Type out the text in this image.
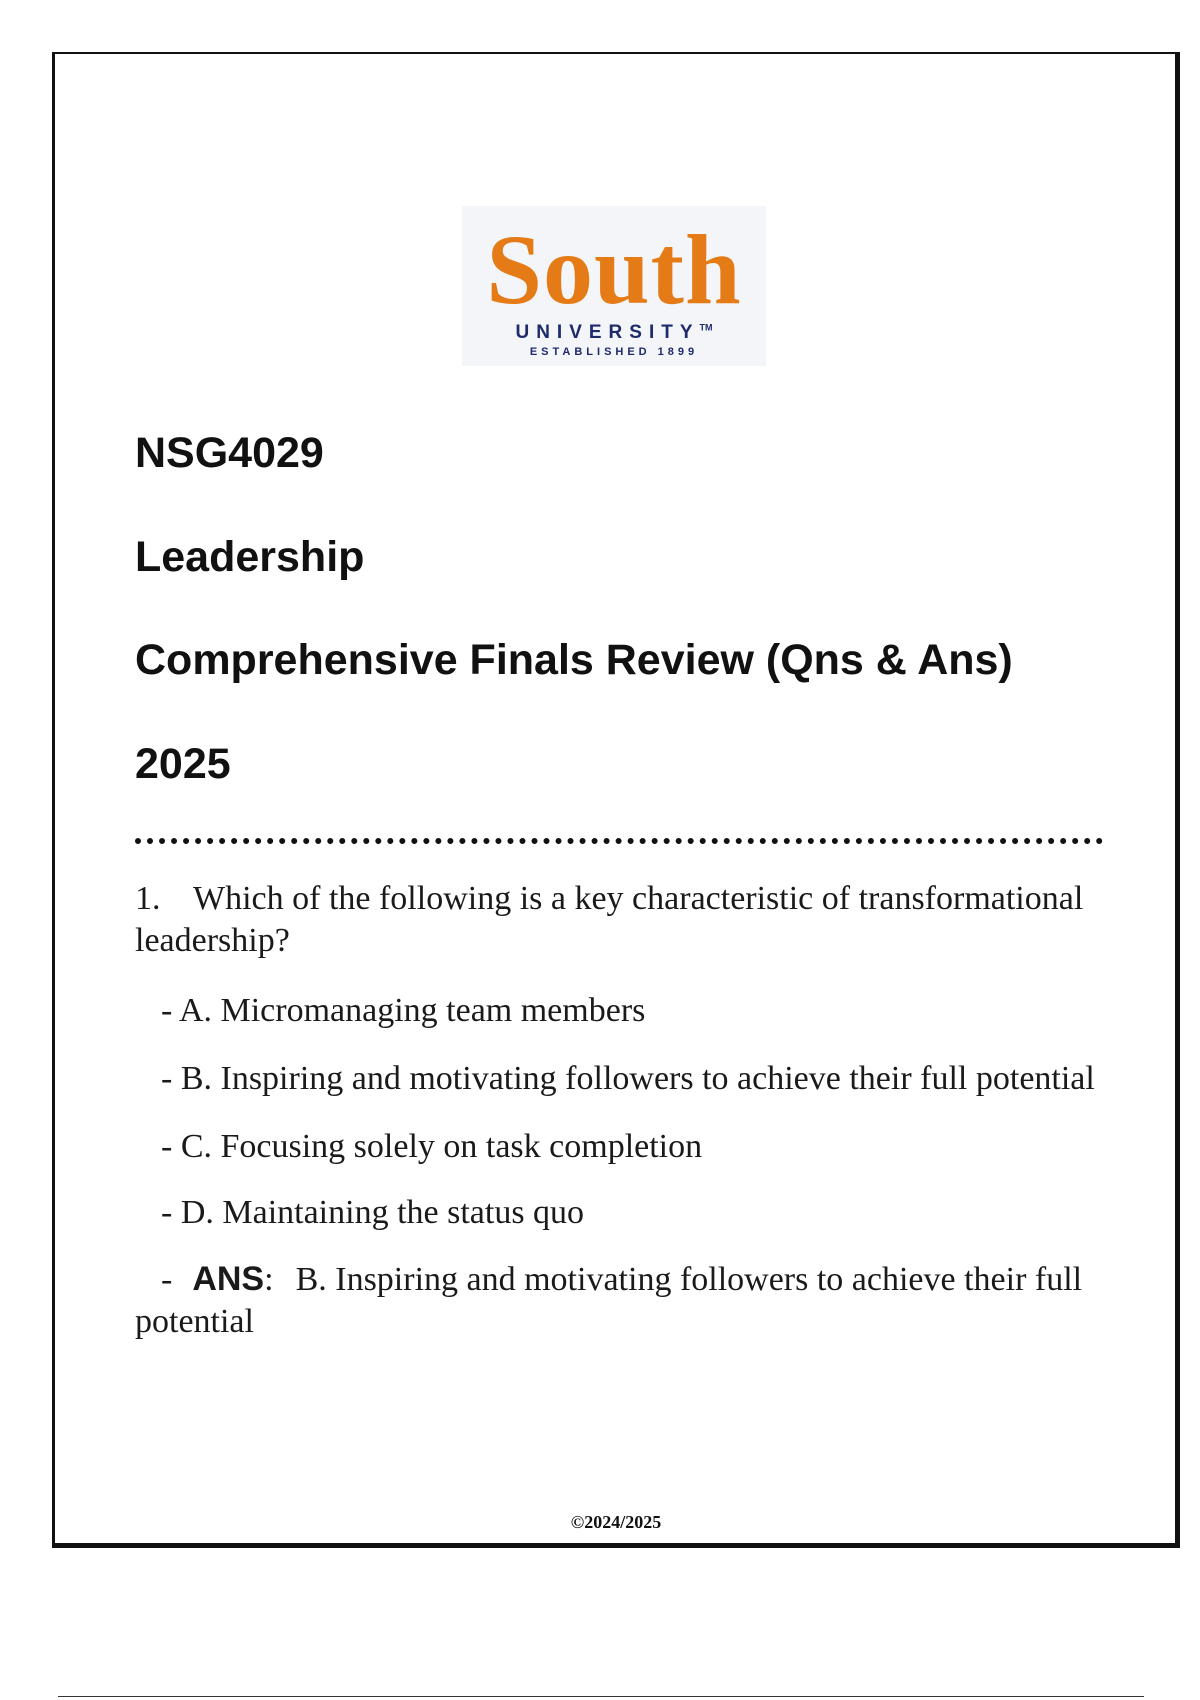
South
UNIVERSITY™
ESTABLISHED 1899
NSG4029
Leadership
Comprehensive Finals Review (Qns & Ans)
2025

1. Which of the following is a key characteristic of transformational leadership?

- A. Micromanaging team members

- B. Inspiring and motivating followers to achieve their full potential

- C. Focusing solely on task completion

- D. Maintaining the status quo

- ANS: B. Inspiring and motivating followers to achieve their full potential

©2024/2025
